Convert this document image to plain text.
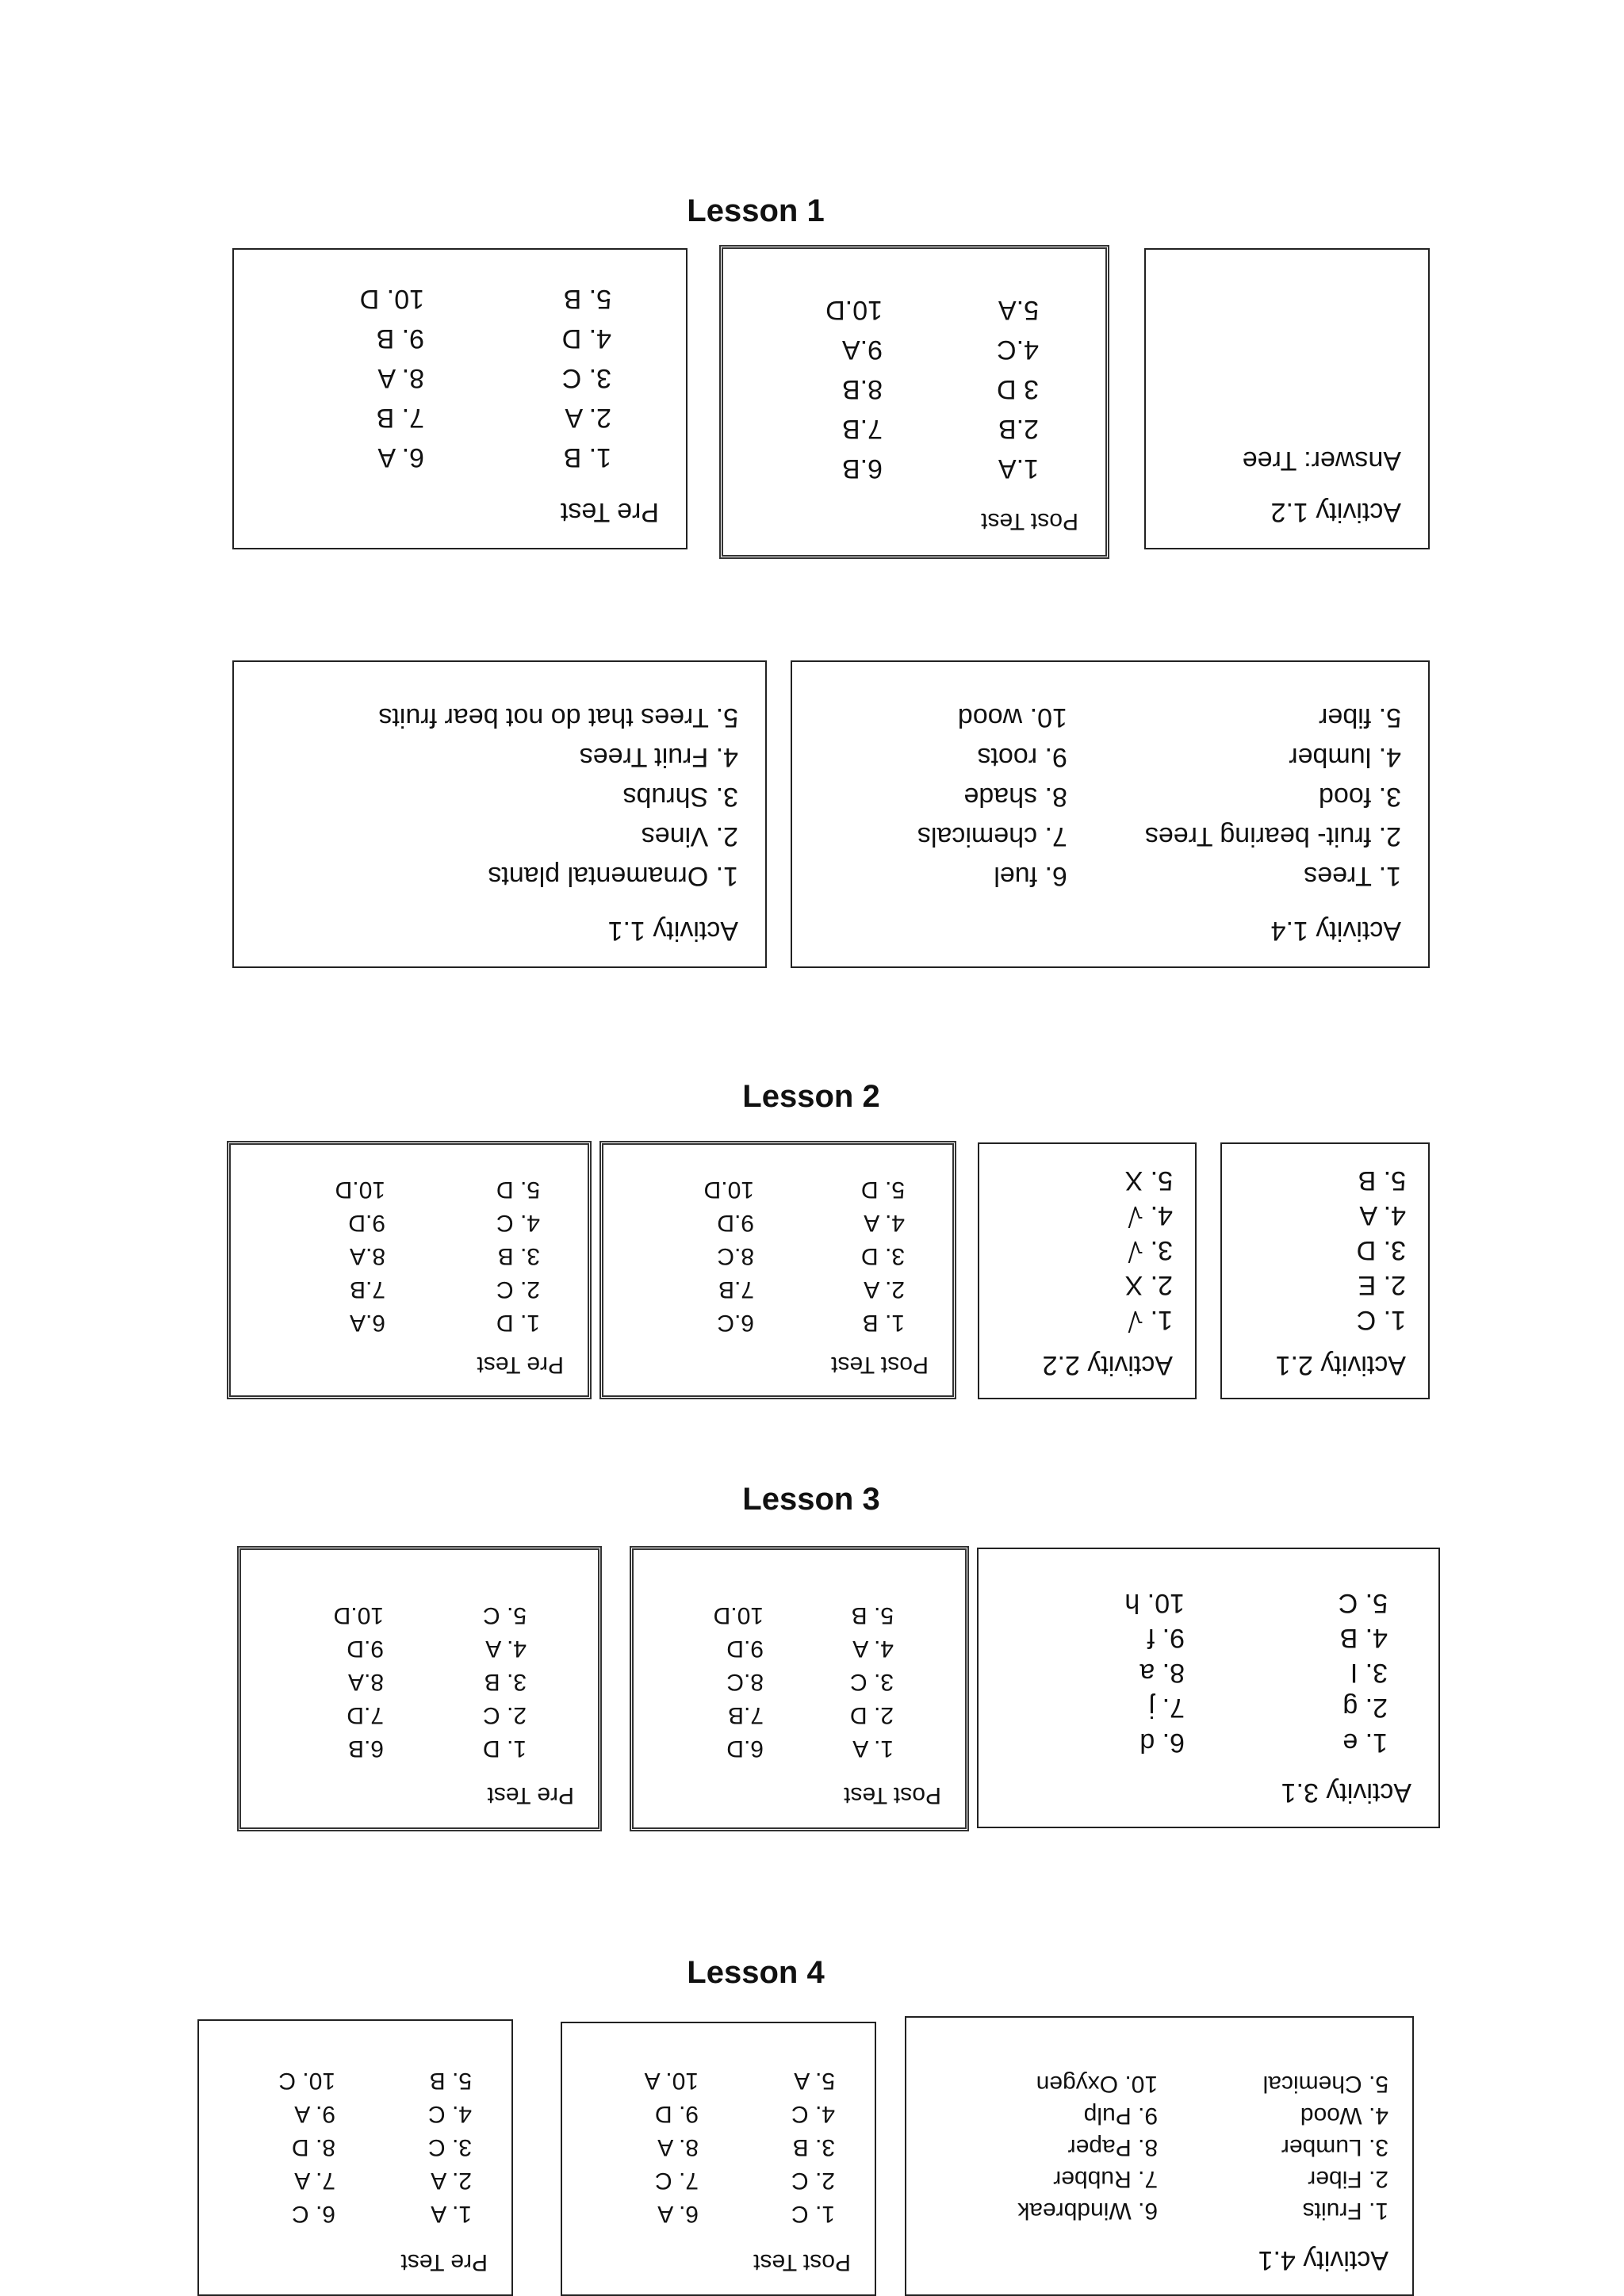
Lesson 1
Pre Test
1. B
6. A
2. A
7. B
3. C
8. A
4. D
9. B
5. B
10. D
Post Test
1.A
6.B
2.B
7.B
3 D
8.B
4.C
9.A
5.A
10.D
Activity 1.2
Answer: Tree
Activity 1.1
1. Ornamental plants
2. Vines
3. Shrubs
4. Fruit Trees
5. Trees that do not bear fruits
Activity 1.4
1. Trees
6. fuel
2. fruit- bearing Trees
7. chemicals
3. food
8. shade
4. lumber
9. roots
5. fiber
10. wood
Lesson 2
Pre Test
1. D
6.A
2. C
7.B
3. B
8.A
4. C
9.D
5. D
10.D
Post Test
1. B
6.C
2. A
7.B
3. D
8.C
4. A
9.D
5. D
10.D
Activity 2.2
1. √
2. X
3. √
4. √
5. X
Activity 2.1
1. C
2. E
3. D
4. A
5. B
Lesson 3
Pre Test
1. D
6.B
2. C
7.D
3. B
8.A
4. A
9.D
5. C
10.D
Post Test
1. A
6.D
2. D
7.B
3. C
8.C
4. A
9.D
5. B
10.D
Activity 3.1
1. e
6. d
2. g
7. j
3. I
8. a
4. B
9. f
5. C
10. h
Lesson 4
Pre Test
1. A
6. C
2. A
7. A
3. C
8. D
4. C
9. A
5. B
10. C
Post Test
1. C
6. A
2. C
7. C
3. B
8. A
4. C
9. D
5. A
10. A
Activity 4.1
1. Fruits
6. Windbreak
2. Fiber
7. Rubber
3. Lumber
8. Paper
4. Wood
9. Pulp
5. Chemical
10. Oxygen
